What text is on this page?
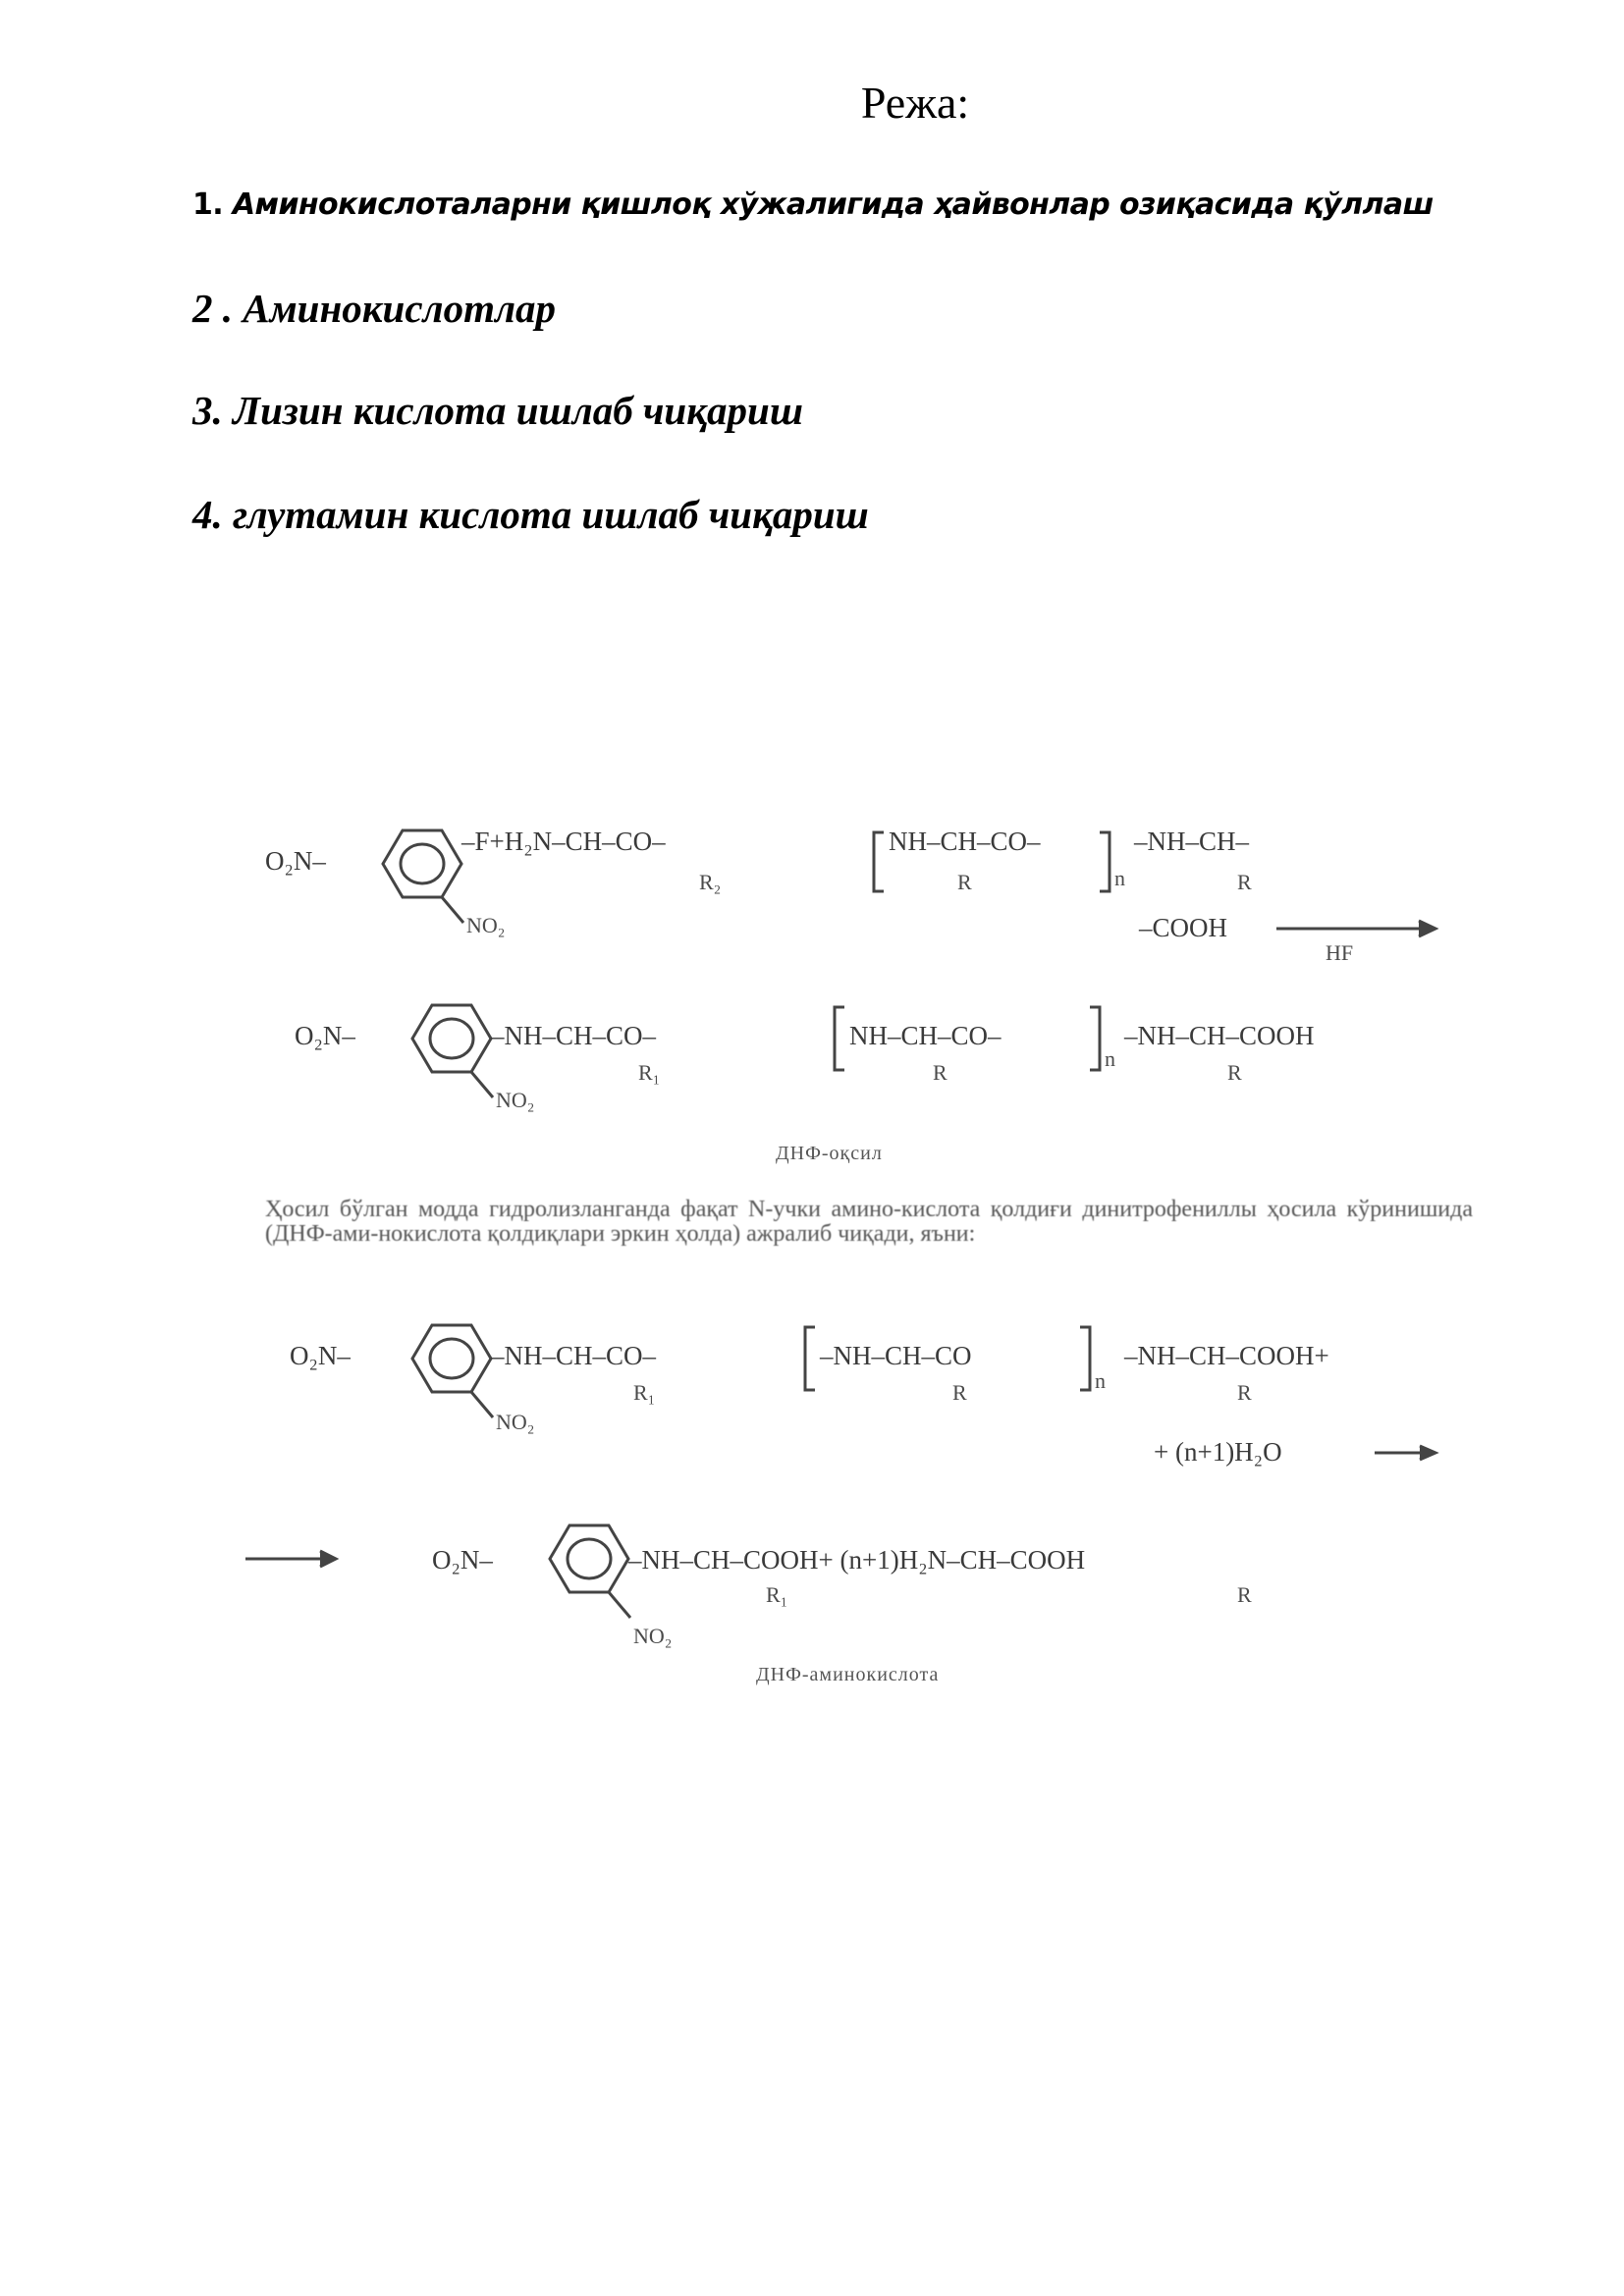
Режа:
1. Аминокислоталарни қишлоқ хўжалигида ҳайвонлар озиқасида қўллаш
2 . Аминокислотлар
3. Лизин кислота ишлаб чиқариш
4. глутамин кислота ишлаб чиқариш
O₂N–
–F+H₂N–CH–CO–	NH–CH–CO–
n
–NH–CH–
NO₂
R₂	R	R
–COOH
HF
O₂N–	–NH–CH–CO–	NH–CH–CO–
n
–NH–CH–COOH
NO₂
R₁	R	R
ДНФ-оқсил
Ҳосил бўлган модда гидролизланганда фақат N-учки амино-кислота қолдиғи динитрофениллы ҳосила кўринишида (ДНФ-ами-нокислота қолдиқлари эркин ҳолда) ажралиб чиқади, яъни:
O₂N–	–NH–CH–CO–	–NH–CH–CO
n
–NH–CH–COOH+
NO₂
R₁	R	R
+ (n+1)H₂O
O₂N–	–NH–CH–COOH+ (n+1)H₂N–CH–COOH
NO₂
R₁	R
ДНФ-аминокислота
